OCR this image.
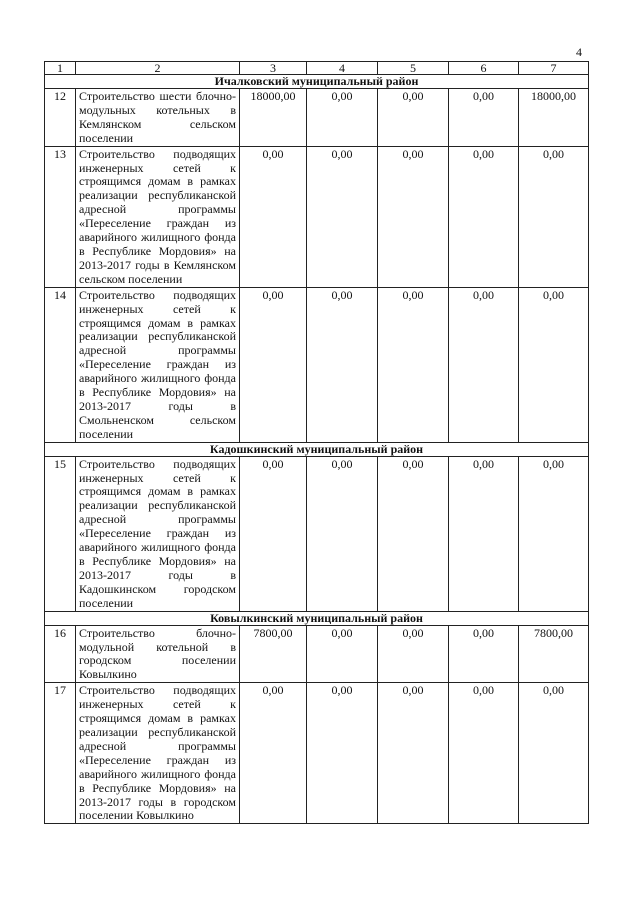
4
1	2	3	4	5	6	7
Ичалковский муниципальный район						
12	Строительство шести блочно-модульных котельных в Кемлянском сельском поселении	18000,00	0,00	0,00	0,00	18000,00
13	Строительство подводящих инженерных сетей к строящимся домам в рамках реализации республиканской адресной программы «Переселение граждан из аварийного жилищного фонда в Республике Мордовия» на 2013-2017 годы в Кемлянском сельском поселении	0,00	0,00	0,00	0,00	0,00
14	Строительство подводящих инженерных сетей к строящимся домам в рамках реализации республиканской адресной программы «Переселение граждан из аварийного жилищного фонда в Республике Мордовия» на 2013-2017 годы в Смольненском сельском поселении	0,00	0,00	0,00	0,00	0,00
Кадошкинский муниципальный район						
15	Строительство подводящих инженерных сетей к строящимся домам в рамках реализации республиканской адресной программы «Переселение граждан из аварийного жилищного фонда в Республике Мордовия» на 2013-2017 годы в Кадошкинском городском поселении	0,00	0,00	0,00	0,00	0,00
Ковылкинский муниципальный район						
16	Строительство блочно-модульной котельной в городском поселении Ковылкино	7800,00	0,00	0,00	0,00	7800,00
17	Строительство подводящих инженерных сетей к строящимся домам в рамках реализации республиканской адресной программы «Переселение граждан из аварийного жилищного фонда в Республике Мордовия» на 2013-2017 годы в городском поселении Ковылкино	0,00	0,00	0,00	0,00	0,00
